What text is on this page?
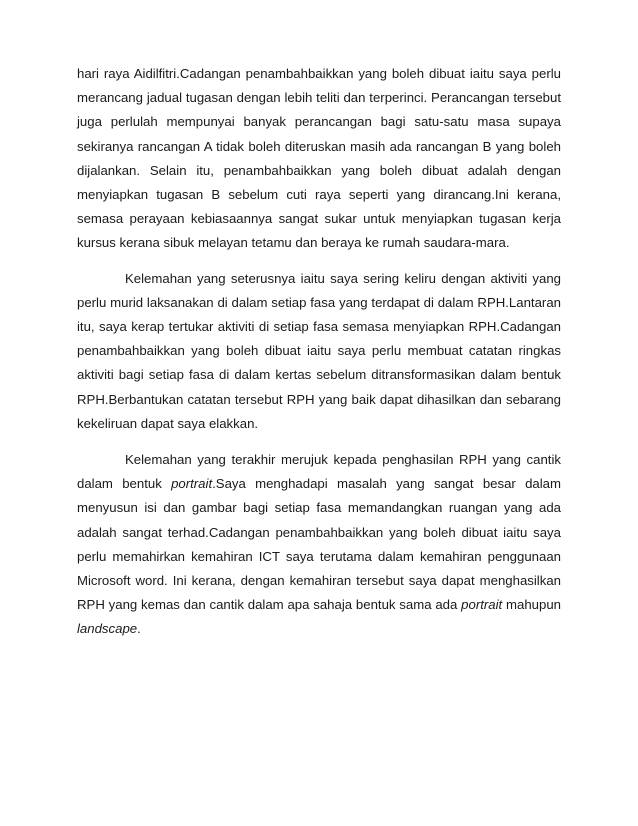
hari raya Aidilfitri.Cadangan penambahbaikkan yang boleh dibuat iaitu saya perlu merancang jadual tugasan dengan lebih teliti dan terperinci. Perancangan tersebut juga perlulah mempunyai banyak perancangan bagi satu-satu masa supaya sekiranya rancangan A tidak boleh diteruskan masih ada rancangan B yang boleh dijalankan. Selain itu, penambahbaikkan yang boleh dibuat adalah dengan menyiapkan tugasan B sebelum cuti raya seperti yang dirancang.Ini kerana, semasa perayaan kebiasaannya sangat sukar untuk menyiapkan tugasan kerja kursus kerana sibuk melayan tetamu dan beraya ke rumah saudara-mara.

Kelemahan yang seterusnya iaitu saya sering keliru dengan aktiviti yang perlu murid laksanakan di dalam setiap fasa yang terdapat di dalam RPH.Lantaran itu, saya kerap tertukar aktiviti di setiap fasa semasa menyiapkan RPH.Cadangan penambahbaikkan yang boleh dibuat iaitu saya perlu membuat catatan ringkas aktiviti bagi setiap fasa di dalam kertas sebelum ditransformasikan dalam bentuk RPH.Berbantukan catatan tersebut RPH yang baik dapat dihasilkan dan sebarang kekeliruan dapat saya elakkan.

Kelemahan yang terakhir merujuk kepada penghasilan RPH yang cantik dalam bentuk portrait.Saya menghadapi masalah yang sangat besar dalam menyusun isi dan gambar bagi setiap fasa memandangkan ruangan yang ada adalah sangat terhad.Cadangan penambahbaikkan yang boleh dibuat iaitu saya perlu memahirkan kemahiran ICT saya terutama dalam kemahiran penggunaan Microsoft word. Ini kerana, dengan kemahiran tersebut saya dapat menghasilkan RPH yang kemas dan cantik dalam apa sahaja bentuk sama ada portrait mahupun landscape.
